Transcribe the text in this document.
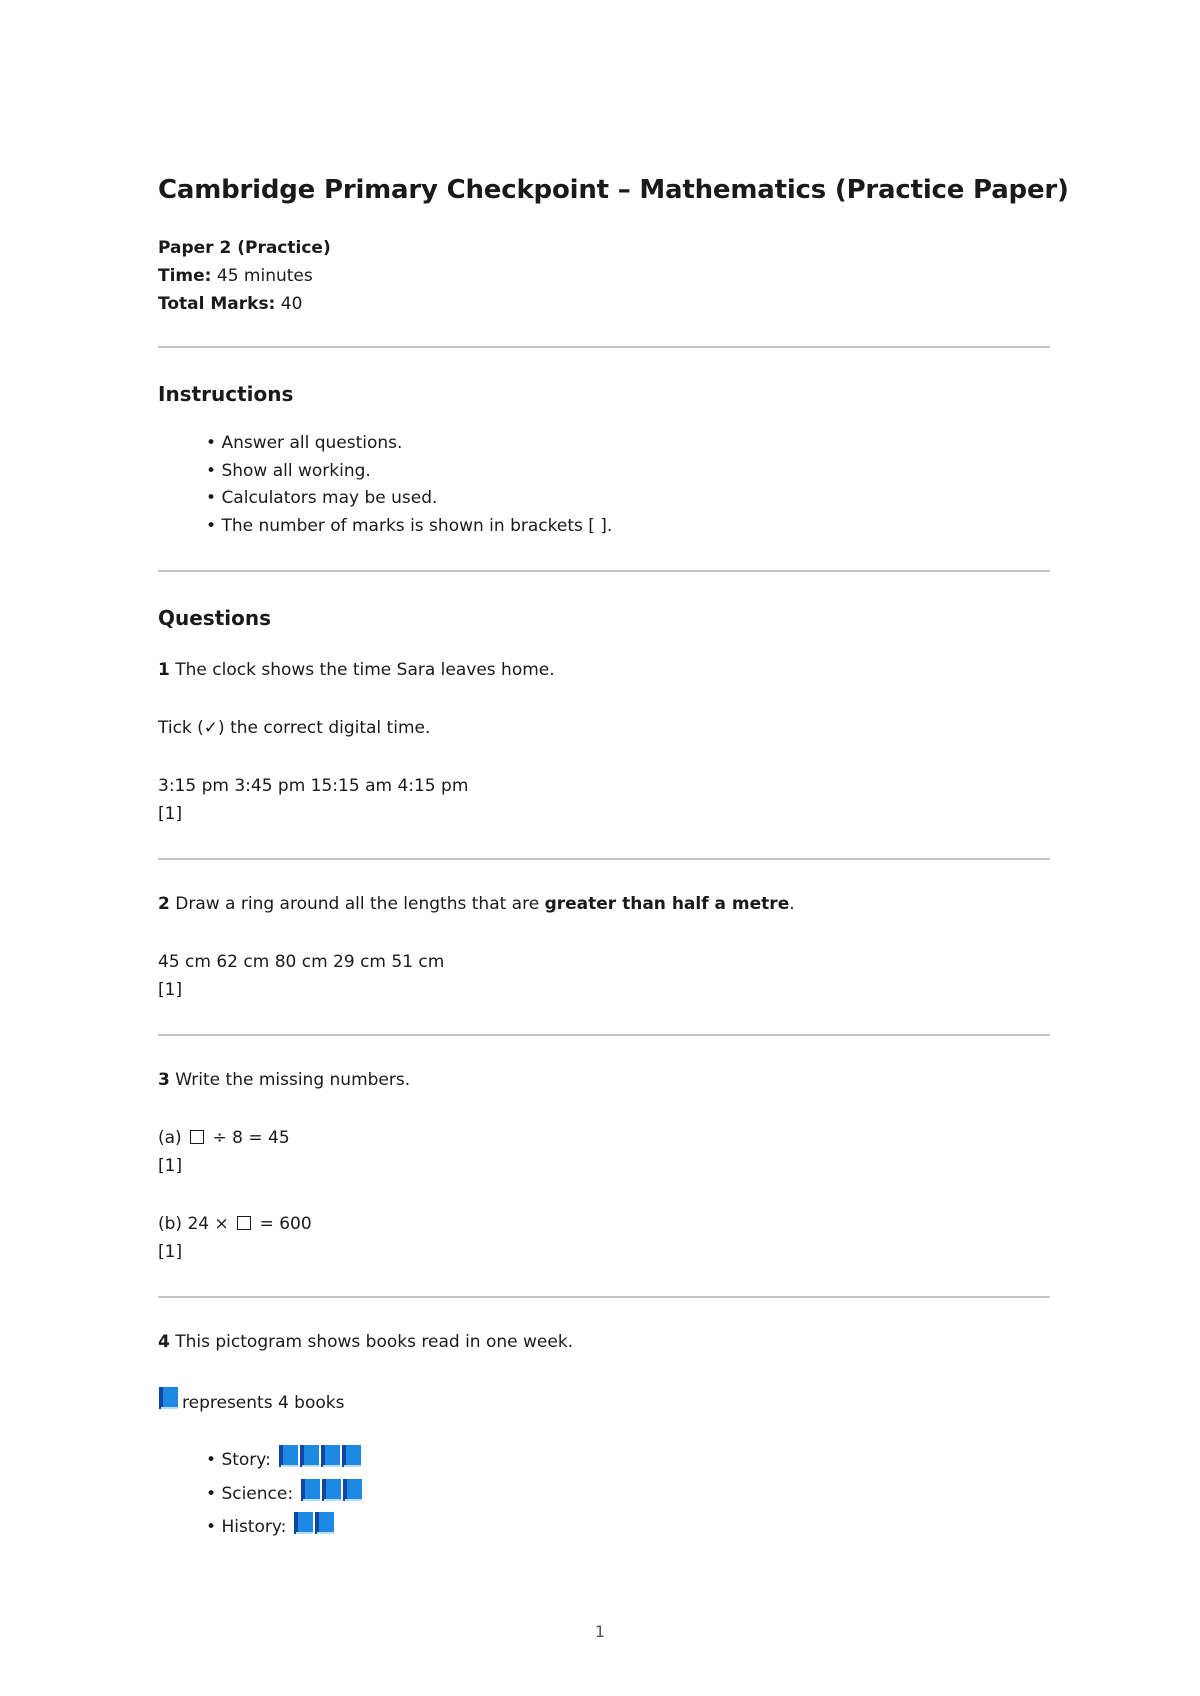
Cambridge Primary Checkpoint – Mathematics (Practice Paper)
Paper 2 (Practice)
Time: 45 minutes
Total Marks: 40
Instructions
• Answer all questions.
• Show all working.
• Calculators may be used.
• The number of marks is shown in brackets [ ].
Questions
1 The clock shows the time Sara leaves home.
Tick (✓) the correct digital time.
3:15 pm 3:45 pm 15:15 am 4:15 pm
[1]
2 Draw a ring around all the lengths that are greater than half a metre.
45 cm 62 cm 80 cm 29 cm 51 cm
[1]
3 Write the missing numbers.
(a) ÷ 8 = 45
[1]
(b) 24 × = 600
[1]
4 This pictogram shows books read in one week.
represents 4 books
• Story:
• Science:
• History:
1
